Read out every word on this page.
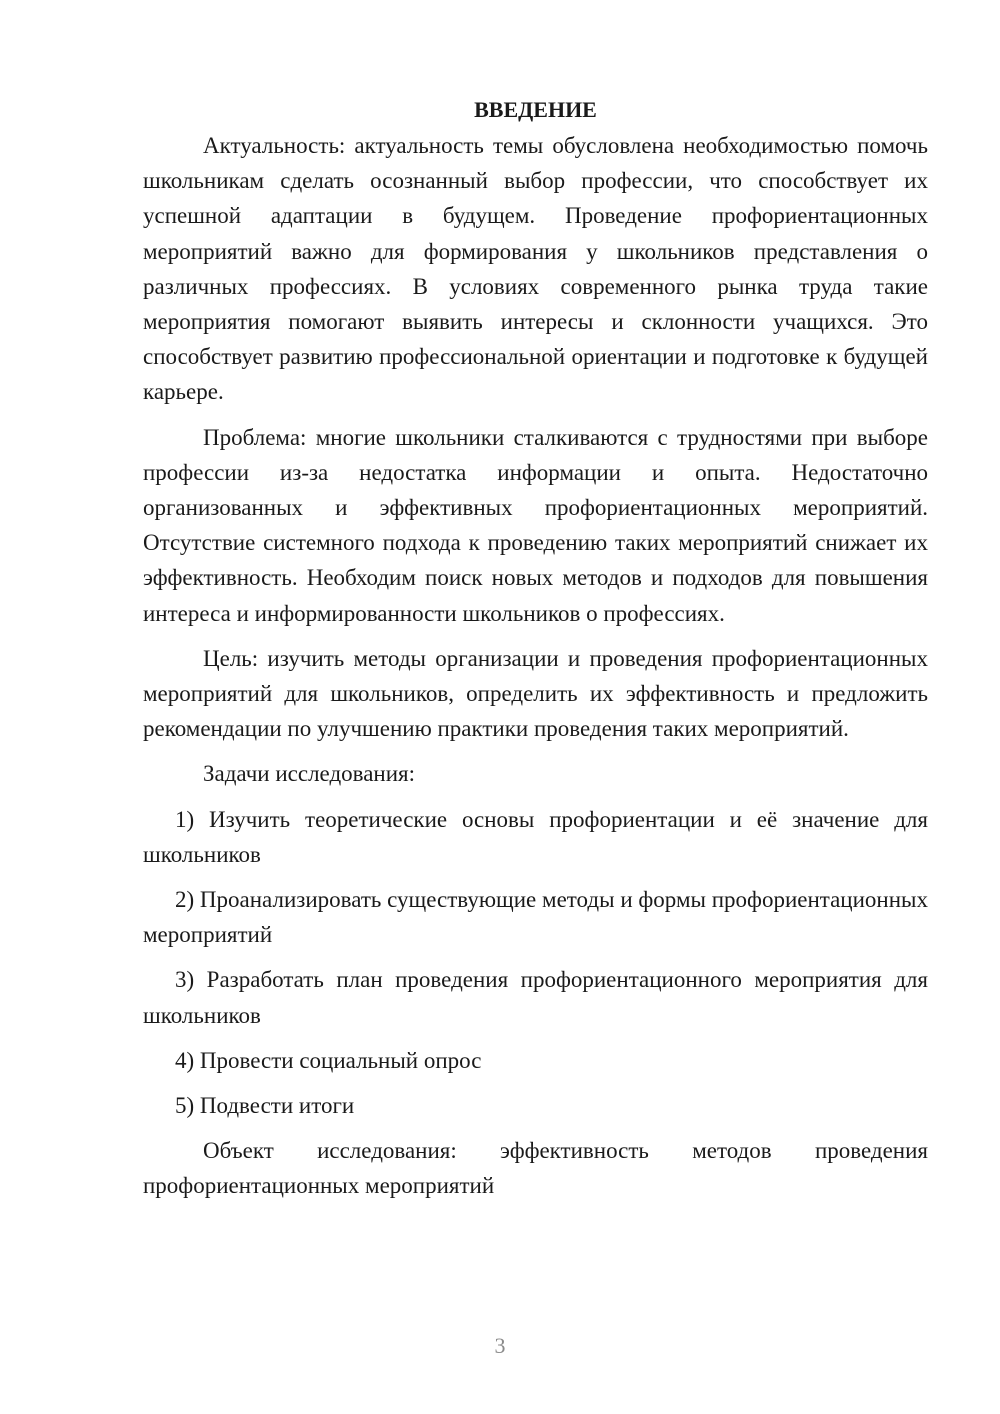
ВВЕДЕНИЕ

Актуальность: актуальность темы обусловлена необходимостью помочь школьникам сделать осознанный выбор профессии, что способствует их успешной адаптации в будущем. Проведение профориентационных мероприятий важно для формирования у школьников представления о различных профессиях. В условиях современного рынка труда такие мероприятия помогают выявить интересы и склонности учащихся. Это способствует развитию профессиональной ориентации и подготовке к будущей карьере.

Проблема: многие школьники сталкиваются с трудностями при выборе профессии из-за недостатка информации и опыта. Недостаточно организованных и эффективных профориентационных мероприятий. Отсутствие системного подхода к проведению таких мероприятий снижает их эффективность. Необходим поиск новых методов и подходов для повышения интереса и информированности школьников о профессиях.

Цель: изучить методы организации и проведения профориентационных мероприятий для школьников, определить их эффективность и предложить рекомендации по улучшению практики проведения таких мероприятий.

Задачи исследования:

1) Изучить теоретические основы профориентации и её значение для школьников

2) Проанализировать существующие методы и формы профориентационных мероприятий

3) Разработать план проведения профориентационного мероприятия для школьников

4) Провести социальный опрос

5) Подвести итоги

Объект исследования: эффективность методов проведения профориентационных мероприятий

3
